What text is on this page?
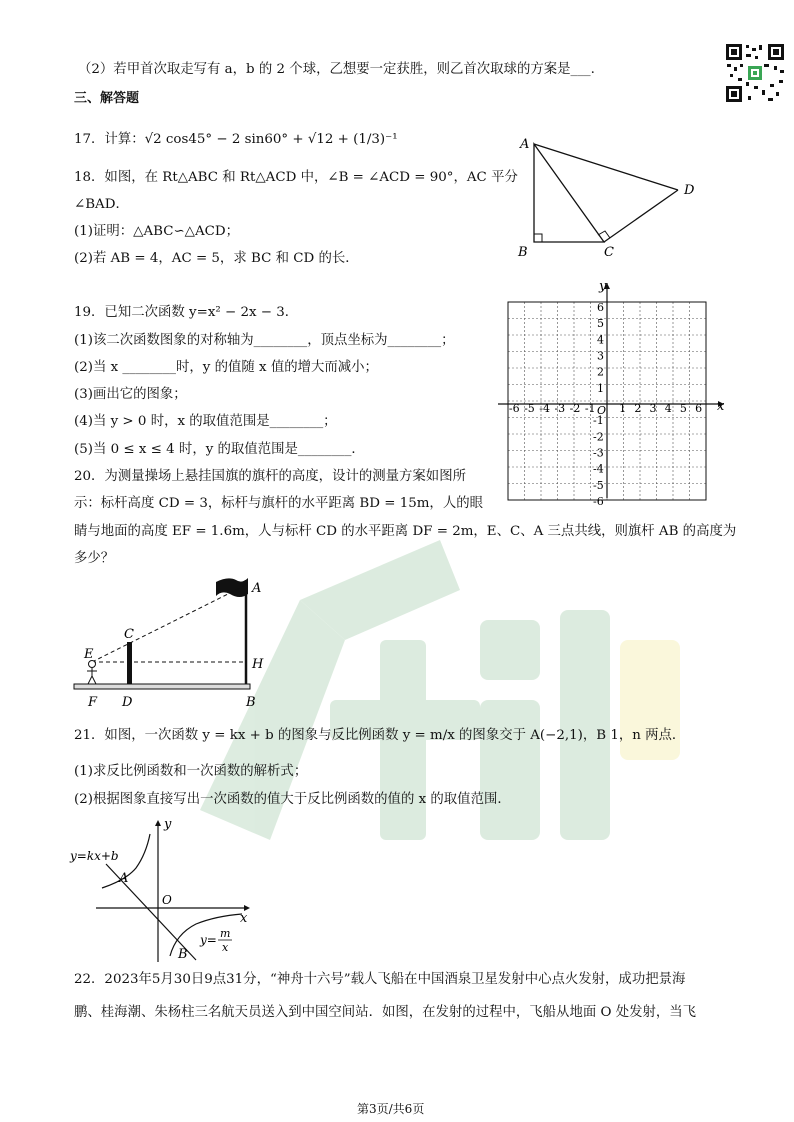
（2）若甲首次取走写有 a，b 的 2 个球，乙想要一定获胜，则乙首次取球的方案是___.
三、解答题
17．计算：√2 cos45° − 2 sin60° + √12 + (1/3)⁻¹
18．如图，在 Rt△ABC 和 Rt△ACD 中，∠B = ∠ACD = 90°，AC 平分
∠BAD．
(1)证明：△ABC∽△ACD；
(2)若 AB = 4，AC = 5，求 BC 和 CD 的长．
A
B	C
D
19．已知二次函数 y=x² − 2x − 3．
(1)该二次函数图象的对称轴为________，顶点坐标为________；
(2)当 x ________时，y 的值随 x 值的增大而减小；
(3)画出它的图象；
(4)当 y > 0 时，x 的取值范围是________；
(5)当 0 ≤ x ≤ 4 时，y 的取值范围是________．
x
y
-6 -5 -4 -3 -2 -1 1 2 3 4 5 6
6
5
4
3
2
1
-1
-2
-3
-4
-5
-6
O
20．为测量操场上悬挂国旗的旗杆的高度，设计的测量方案如图所
示：标杆高度 CD = 3，标杆与旗杆的水平距离 BD = 15m，人的眼
睛与地面的高度 EF = 1.6m，人与标杆 CD 的水平距离 DF = 2m，E、C、A 三点共线，则旗杆 AB 的高度为
多少？
A
C
E
H
F D	B
21．如图，一次函数 y = kx + b 的图象与反比例函数 y = m/x 的图象交于 A(−2,1)，B 1，n 两点．
(1)求反比例函数和一次函数的解析式；
(2)根据图象直接写出一次函数的值大于反比例函数的值的 x 的取值范围．
y=kx+b
A
B
O
x
y
y= m
x
22．2023年5月30日9点31分，“神舟十六号”载人飞船在中国酒泉卫星发射中心点火发射，成功把景海
鹏、桂海潮、朱杨柱三名航天员送入到中国空间站．如图，在发射的过程中，飞船从地面 O 处发射，当飞
第3页/共6页
